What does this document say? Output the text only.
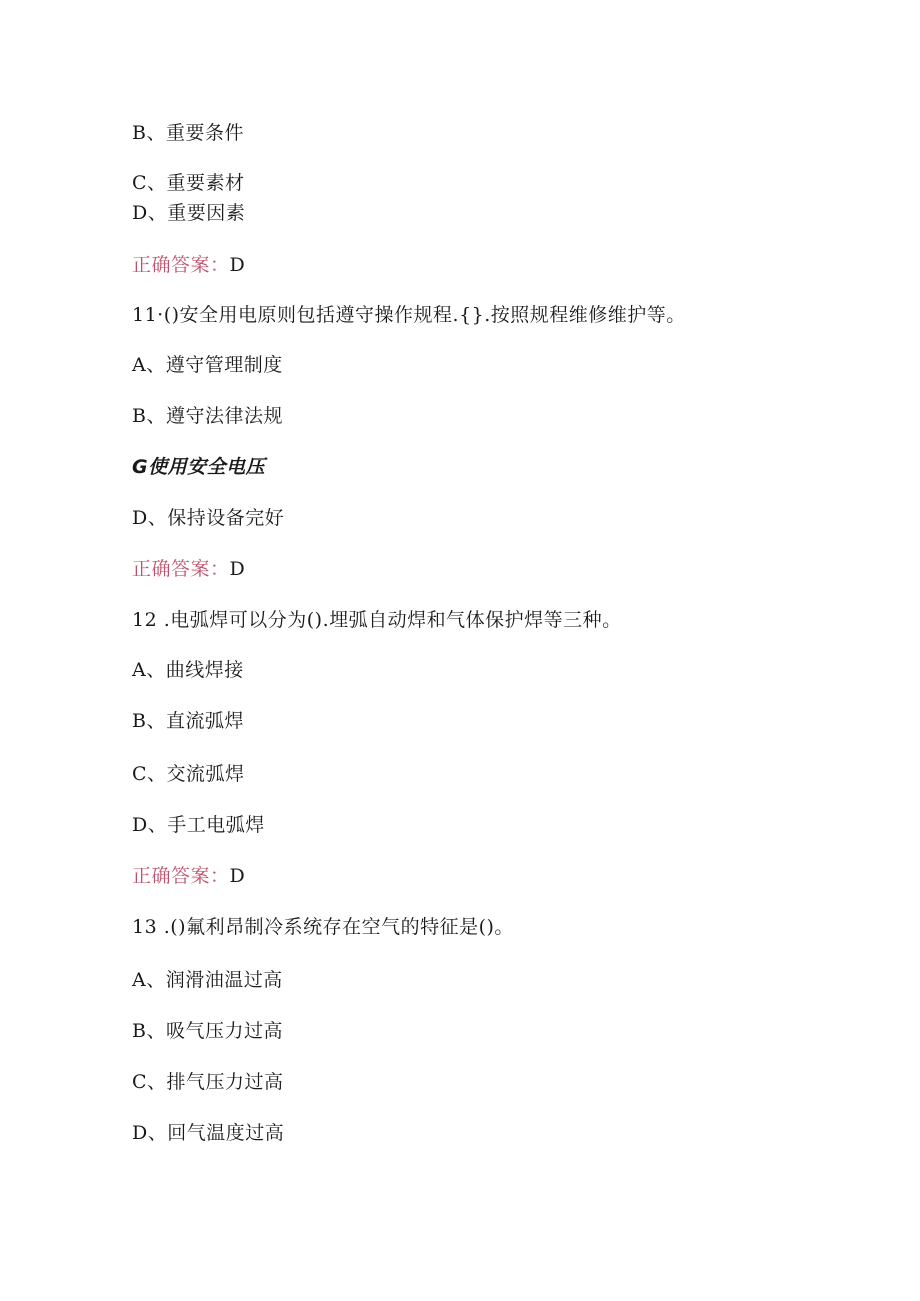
B、重要条件
C、重要素材
D、重要因素
正确答案：D
11·()安全用电原则包括遵守操作规程.{}.按照规程维修维护等。
A、遵守管理制度
B、遵守法律法规
G使用安全电压
D、保持设备完好
正确答案：D
12 .电弧焊可以分为().埋弧自动焊和气体保护焊等三种。
A、曲线焊接
B、直流弧焊
C、交流弧焊
D、手工电弧焊
正确答案：D
13 .()氟利昂制冷系统存在空气的特征是()。
A、润滑油温过高
B、吸气压力过高
C、排气压力过高
D、回气温度过高
